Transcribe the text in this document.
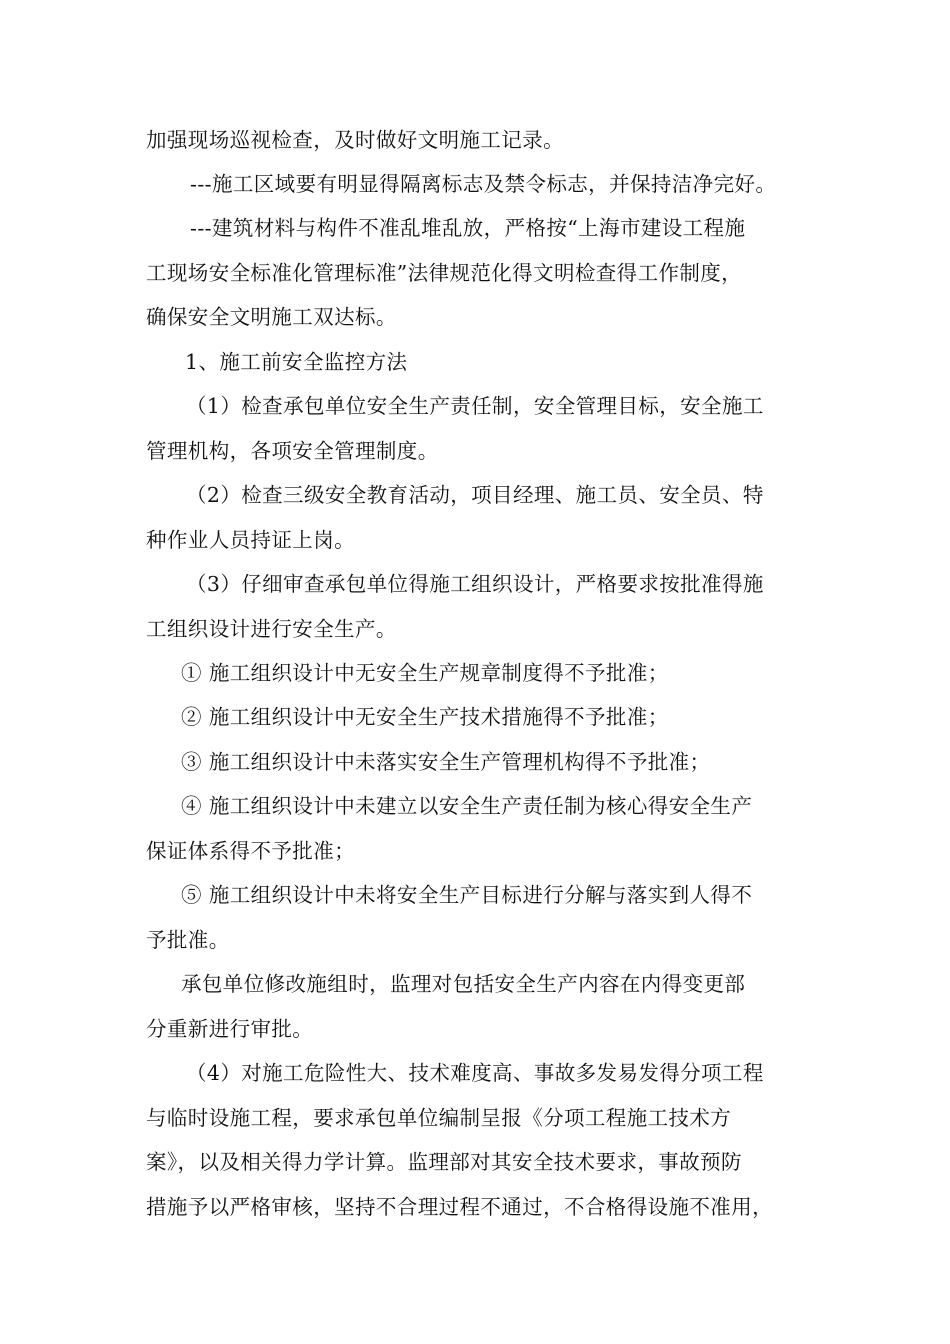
加强现场巡视检查，及时做好文明施工记录。
---施工区域要有明显得隔离标志及禁令标志，并保持洁净完好。
---建筑材料与构件不准乱堆乱放，严格按“上海市建设工程施
工现场安全标准化管理标准”法律规范化得文明检查得工作制度，
确保安全文明施工双达标。
1、施工前安全监控方法
（1）检查承包单位安全生产责任制，安全管理目标，安全施工
管理机构，各项安全管理制度。
（2）检查三级安全教育活动，项目经理、施工员、安全员、特
种作业人员持证上岗。
（3）仔细审查承包单位得施工组织设计，严格要求按批准得施
工组织设计进行安全生产。
① 施工组织设计中无安全生产规章制度得不予批准；
② 施工组织设计中无安全生产技术措施得不予批准；
③ 施工组织设计中未落实安全生产管理机构得不予批准；
④ 施工组织设计中未建立以安全生产责任制为核心得安全生产
保证体系得不予批准；
⑤ 施工组织设计中未将安全生产目标进行分解与落实到人得不
予批准。
承包单位修改施组时，监理对包括安全生产内容在内得变更部
分重新进行审批。
（4）对施工危险性大、技术难度高、事故多发易发得分项工程
与临时设施工程，要求承包单位编制呈报《分项工程施工技术方
案》，以及相关得力学计算。监理部对其安全技术要求，事故预防
措施予以严格审核，坚持不合理过程不通过，不合格得设施不准用，
